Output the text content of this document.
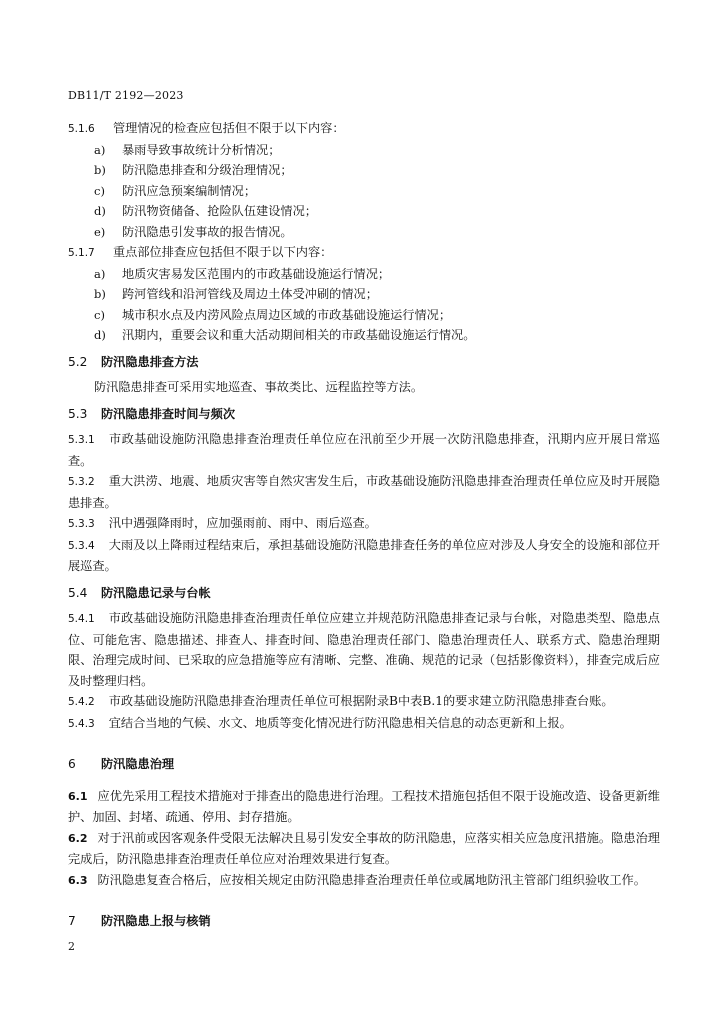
DB11/T 2192—2023
5.1.6 管理情况的检查应包括但不限于以下内容：
a) 暴雨导致事故统计分析情况；
b) 防汛隐患排查和分级治理情况；
c) 防汛应急预案编制情况；
d) 防汛物资储备、抢险队伍建设情况；
e) 防汛隐患引发事故的报告情况。
5.1.7 重点部位排查应包括但不限于以下内容：
a) 地质灾害易发区范围内的市政基础设施运行情况；
b) 跨河管线和沿河管线及周边土体受冲刷的情况；
c) 城市积水点及内涝风险点周边区域的市政基础设施运行情况；
d) 汛期内，重要会议和重大活动期间相关的市政基础设施运行情况。
5.2 防汛隐患排查方法
防汛隐患排查可采用实地巡查、事故类比、远程监控等方法。
5.3 防汛隐患排查时间与频次
5.3.1 市政基础设施防汛隐患排查治理责任单位应在汛前至少开展一次防汛隐患排查，汛期内应开展日常巡查。
5.3.2 重大洪涝、地震、地质灾害等自然灾害发生后，市政基础设施防汛隐患排查治理责任单位应及时开展隐患排查。
5.3.3 汛中遇强降雨时，应加强雨前、雨中、雨后巡查。
5.3.4 大雨及以上降雨过程结束后，承担基础设施防汛隐患排查任务的单位应对涉及人身安全的设施和部位开展巡查。
5.4 防汛隐患记录与台帐
5.4.1 市政基础设施防汛隐患排查治理责任单位应建立并规范防汛隐患排查记录与台帐，对隐患类型、隐患点位、可能危害、隐患描述、排查人、排查时间、隐患治理责任部门、隐患治理责任人、联系方式、隐患治理期限、治理完成时间、已采取的应急措施等应有清晰、完整、准确、规范的记录（包括影像资料），排查完成后应及时整理归档。
5.4.2 市政基础设施防汛隐患排查治理责任单位可根据附录B中表B.1的要求建立防汛隐患排查台账。
5.4.3 宜结合当地的气候、水文、地质等变化情况进行防汛隐患相关信息的动态更新和上报。
6 防汛隐患治理
6.1 应优先采用工程技术措施对于排查出的隐患进行治理。工程技术措施包括但不限于设施改造、设备更新维护、加固、封堵、疏通、停用、封存措施。
6.2 对于汛前或因客观条件受限无法解决且易引发安全事故的防汛隐患，应落实相关应急度汛措施。隐患治理完成后，防汛隐患排查治理责任单位应对治理效果进行复查。
6.3 防汛隐患复查合格后，应按相关规定由防汛隐患排查治理责任单位或属地防汛主管部门组织验收工作。
7 防汛隐患上报与核销
2
